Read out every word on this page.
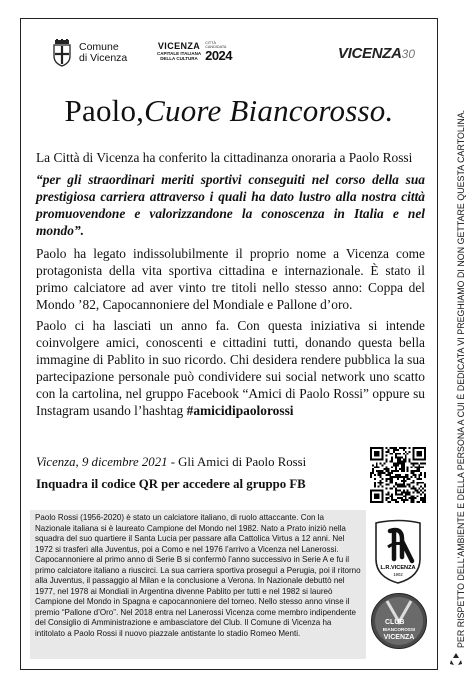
Comune
di Vicenza
VICENZA
CAPITALE ITALIANA
DELLA CULTURA
CITTÀ
CANDIDATA
2024	VICENZA30
Paolo,Cuore Biancorosso.

La Città di Vicenza ha conferito la cittadinanza onoraria a Paolo Rossi

“per gli straordinari meriti sportivi conseguiti nel corso della sua prestigiosa carriera attraverso i quali ha dato lustro alla nostra città promuovendone e valorizzandone la conoscenza in Italia e nel mondo”.

Paolo ha legato indissolubilmente il proprio nome a Vicenza come protagonista della vita sportiva cittadina e internazionale. È stato il primo calciatore ad aver vinto tre titoli nello stesso anno: Coppa del Mondo ’82, Capocannoniere del Mondiale e Pallone d’oro.

Paolo ci ha lasciati un anno fa. Con questa iniziativa si intende coinvolgere amici, conoscenti e cittadini tutti, donando questa bella immagine di Pablito in suo ricordo. Chi desidera rendere pubblica la sua partecipazione personale può condividere sui social network uno scatto con la cartolina, nel gruppo Facebook “Amici di Paolo Rossi” oppure su Instagram usando l’hashtag #amicidipaolorossi

Vicenza, 9 dicembre 2021 - Gli Amici di Paolo Rossi
Inquadra il codice QR per accedere al gruppo FB
Paolo Rossi (1956-2020) è stato un calciatore italiano, di ruolo attaccante. Con la Nazionale italiana si è laureato Campione del Mondo nel 1982. Nato a Prato iniziò nella squadra del suo quartiere il Santa Lucia per passare alla Cattolica Virtus a 12 anni. Nel 1972 si trasferì alla Juventus, poi a Como e nel 1976 l’arrivo a Vicenza nel Lanerossi. Capocannoniere al primo anno di Serie B si confermò l’anno successivo in Serie A e fu il primo calciatore italiano a riuscirci. La sua carriera sportiva proseguì a Perugia, poi il ritorno alla Juventus, il passaggio al Milan e la conclusione a Verona. In Nazionale debuttò nel 1977, nel 1978 ai Mondiali in Argentina divenne Pablito per tutti e nel 1982 si laureò Campione del Mondo in Spagna e capocannoniere del torneo. Nello stesso anno vinse il premio “Pallone d’Oro”. Nel 2018 entra nel Lanerossi Vicenza come membro indipendente del Consiglio di Amministrazione e ambasciatore del Club. Il Comune di Vicenza ha intitolato a Paolo Rossi il nuovo piazzale antistante lo stadio Romeo Menti.
L.R.VICENZA
1902
CLUB
BIANCOROSSI
VICENZA	PER RISPETTO DELL'AMBIENTE E DELLA PERSONA A CUI È DEDICATA VI PREGHIAMO DI NON GETTARE QUESTA CARTOLINA.
